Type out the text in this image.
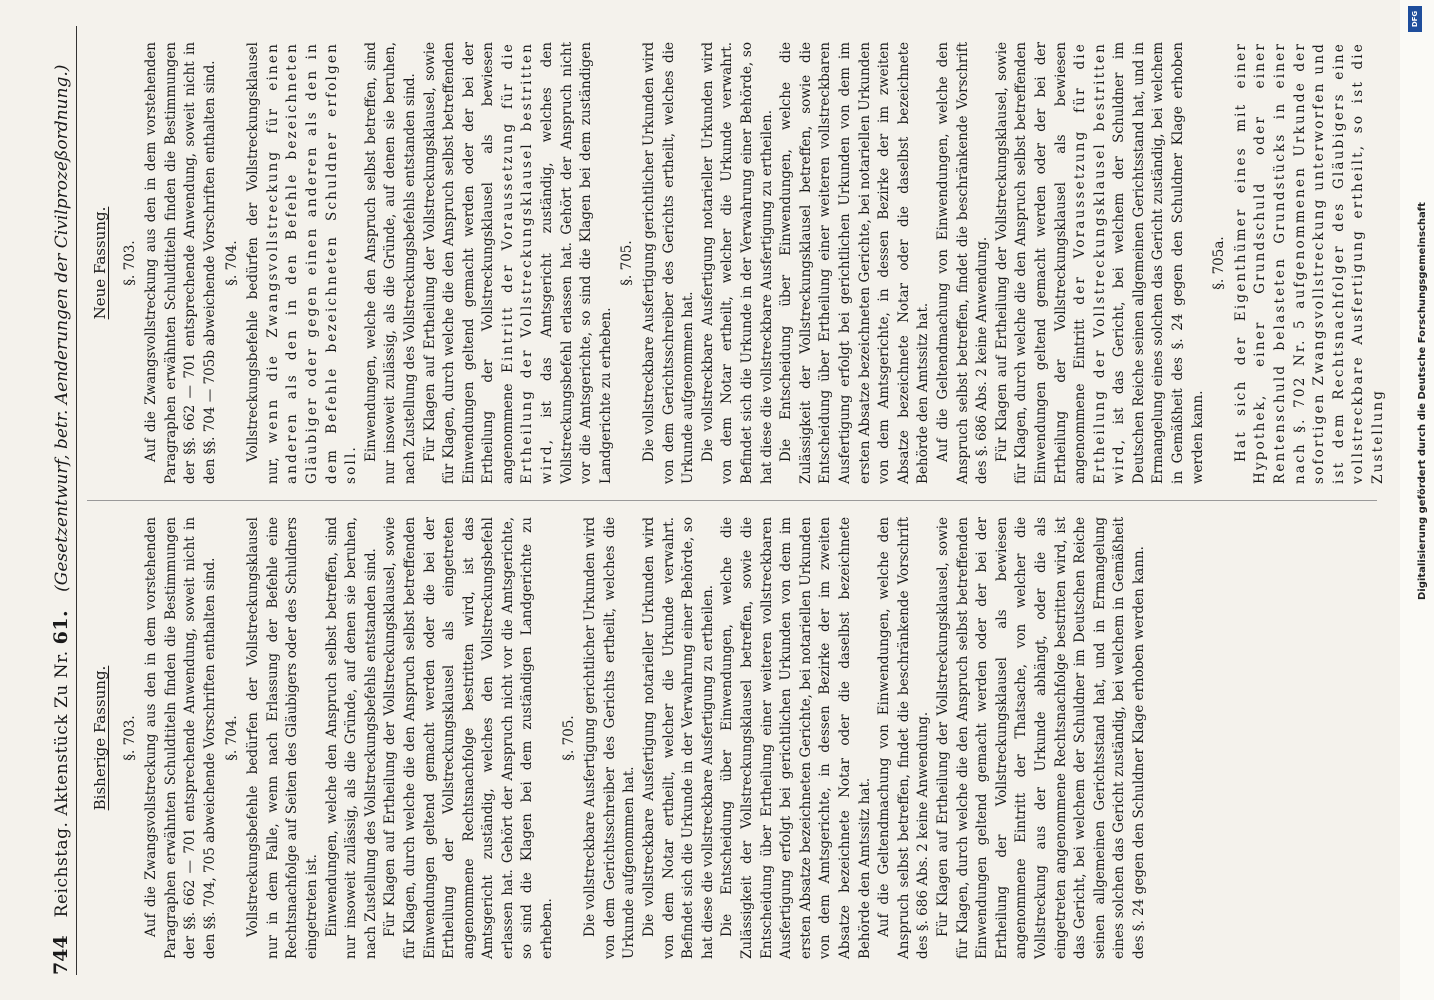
DFG
Digitalisierung gefördert durch die Deutsche Forschungsgemeinschaft
744
Reichstag. Aktenstück Zu Nr. 61.
(Gesetzentwurf, betr. Aenderungen der Civilprozeßordnung.)
Bisherige Fassung. §. 703. Auf die Zwangsvollstreckung aus den in dem vorstehenden Paragraphen erwähnten Schuldtiteln finden die Bestimmungen der §§. 662 — 701 entsprechende Anwendung, soweit nicht in den §§. 704, 705 abweichende Vorschriften enthalten sind. §. 704. Vollstreckungsbefehle bedürfen der Vollstreckungsklausel nur in dem Falle, wenn nach Erlassung der Befehle eine Rechtsnachfolge auf Seiten des Gläubigers oder des Schuldners eingetreten ist. Einwendungen, welche den Anspruch selbst betreffen, sind nur insoweit zulässig, als die Gründe, auf denen sie beruhen, nach Zustellung des Vollstreckungsbefehls entstanden sind. Für Klagen auf Ertheilung der Vollstreckungsklausel, sowie für Klagen, durch welche die den Anspruch selbst betreffenden Einwendungen geltend gemacht werden oder die bei der Ertheilung der Vollstreckungsklausel als eingetreten angenommene Rechtsnachfolge bestritten wird, ist das Amtsgericht zuständig, welches den Vollstreckungsbefehl erlassen hat. Gehört der Anspruch nicht vor die Amtsgerichte, so sind die Klagen bei dem zuständigen Landgerichte zu erheben.

§. 705. Die vollstreckbare Ausfertigung gerichtlicher Urkunden wird von dem Gerichtsschreiber des Gerichts ertheilt, welches die Urkunde aufgenommen hat. Die vollstreckbare Ausfertigung notarieller Urkunden wird von dem Notar ertheilt, welcher die Urkunde verwahrt. Befindet sich die Urkunde in der Verwahrung einer Behörde, so hat diese die vollstreckbare Ausfertigung zu ertheilen. Die Entscheidung über Einwendungen, welche die Zulässigkeit der Vollstreckungsklausel betreffen, sowie die Entscheidung über Ertheilung einer weiteren vollstreckbaren Ausfertigung erfolgt bei gerichtlichen Urkunden von dem im ersten Absatze bezeichneten Gerichte, bei notariellen Urkunden von dem Amtsgerichte, in dessen Bezirke der im zweiten Absatze bezeichnete Notar oder die daselbst bezeichnete Behörde den Amtssitz hat. Auf die Geltendmachung von Einwendungen, welche den Anspruch selbst betreffen, findet die beschränkende Vorschrift des §. 686 Abs. 2 keine Anwendung. Für Klagen auf Ertheilung der Vollstreckungsklausel, sowie für Klagen, durch welche die den Anspruch selbst betreffenden Einwendungen geltend gemacht werden oder der bei der Ertheilung der Vollstreckungsklausel als bewiesen angenommene Eintritt der Thatsache, von welcher die Vollstreckung aus der Urkunde abhängt, oder die als eingetreten angenommene Rechtsnachfolge bestritten wird, ist das Gericht, bei welchem der Schuldner im Deutschen Reiche seinen allgemeinen Gerichtsstand hat, und in Ermangelung eines solchen das Gericht zuständig, bei welchem in Gemäßheit des §. 24 gegen den Schuldner Klage erhoben werden kann.

Neue Fassung. §. 703. Auf die Zwangsvollstreckung aus den in dem vorstehenden Paragraphen erwähnten Schuldtiteln finden die Bestimmungen der §§. 662 — 701 entsprechende Anwendung, soweit nicht in den §§. 704 — 705b abweichende Vorschriften enthalten sind. §. 704. Vollstreckungsbefehle bedürfen der Vollstreckungsklausel nur, wenn die Zwangsvollstreckung für einen anderen als den in den Befehle bezeichneten Gläubiger oder gegen einen anderen als den in dem Befehle bezeichneten Schuldner erfolgen soll.

Einwendungen, welche den Anspruch selbst betreffen, sind nur insoweit zulässig, als die Gründe, auf denen sie beruhen, nach Zustellung des Vollstreckungsbefehls entstanden sind. Für Klagen auf Ertheilung der Vollstreckungsklausel, sowie für Klagen, durch welche die den Anspruch selbst betreffenden Einwendungen geltend gemacht werden oder der bei der Ertheilung der Vollstreckungsklausel als bewiesen angenommene Eintritt der Voraussetzung für die Ertheilung der Vollstreckungsklausel bestritten wird, ist das Amtsgericht zuständig, welches den Vollstreckungsbefehl erlassen hat. Gehört der Anspruch nicht vor die Amtsgerichte, so sind die Klagen bei dem zuständigen Landgerichte zu erheben.

§. 705. Die vollstreckbare Ausfertigung gerichtlicher Urkunden wird von dem Gerichtsschreiber des Gerichts ertheilt, welches die Urkunde aufgenommen hat. Die vollstreckbare Ausfertigung notarieller Urkunden wird von dem Notar ertheilt, welcher die Urkunde verwahrt. Befindet sich die Urkunde in der Verwahrung einer Behörde, so hat diese die vollstreckbare Ausfertigung zu ertheilen. Die Entscheidung über Einwendungen, welche die Zulässigkeit der Vollstreckungsklausel betreffen, sowie die Entscheidung über Ertheilung einer weiteren vollstreckbaren Ausfertigung erfolgt bei gerichtlichen Urkunden von dem im ersten Absatze bezeichneten Gerichte, bei notariellen Urkunden von dem Amtsgerichte, in dessen Bezirke der im zweiten Absatze bezeichnete Notar oder die daselbst bezeichnete Behörde den Amtssitz hat. Auf die Geltendmachung von Einwendungen, welche den Anspruch selbst betreffen, findet die beschränkende Vorschrift des §. 686 Abs. 2 keine Anwendung. Für Klagen auf Ertheilung der Vollstreckungsklausel, sowie für Klagen, durch welche die den Anspruch selbst betreffenden Einwendungen geltend gemacht werden oder der bei der Ertheilung der Vollstreckungsklausel als bewiesen angenommene Eintritt der Voraussetzung für die Ertheilung der Vollstreckungsklausel bestritten wird, ist das Gericht, bei welchem der Schuldner im Deutschen Reiche seinen allgemeinen Gerichtsstand hat, und in Ermangelung eines solchen das Gericht zuständig, bei welchem in Gemäßheit des §. 24 gegen den Schuldner Klage erhoben werden kann.

§. 705a. Hat sich der Eigenthümer eines mit einer Hypothek, einer Grundschuld oder einer Rentenschuld belasteten Grundstücks in einer nach §. 702 Nr. 5 aufgenommenen Urkunde der sofortigen Zwangsvollstreckung unterworfen und ist dem Rechtsnachfolger des Gläubigers eine vollstreckbare Ausfertigung ertheilt, so ist die Zustellung
